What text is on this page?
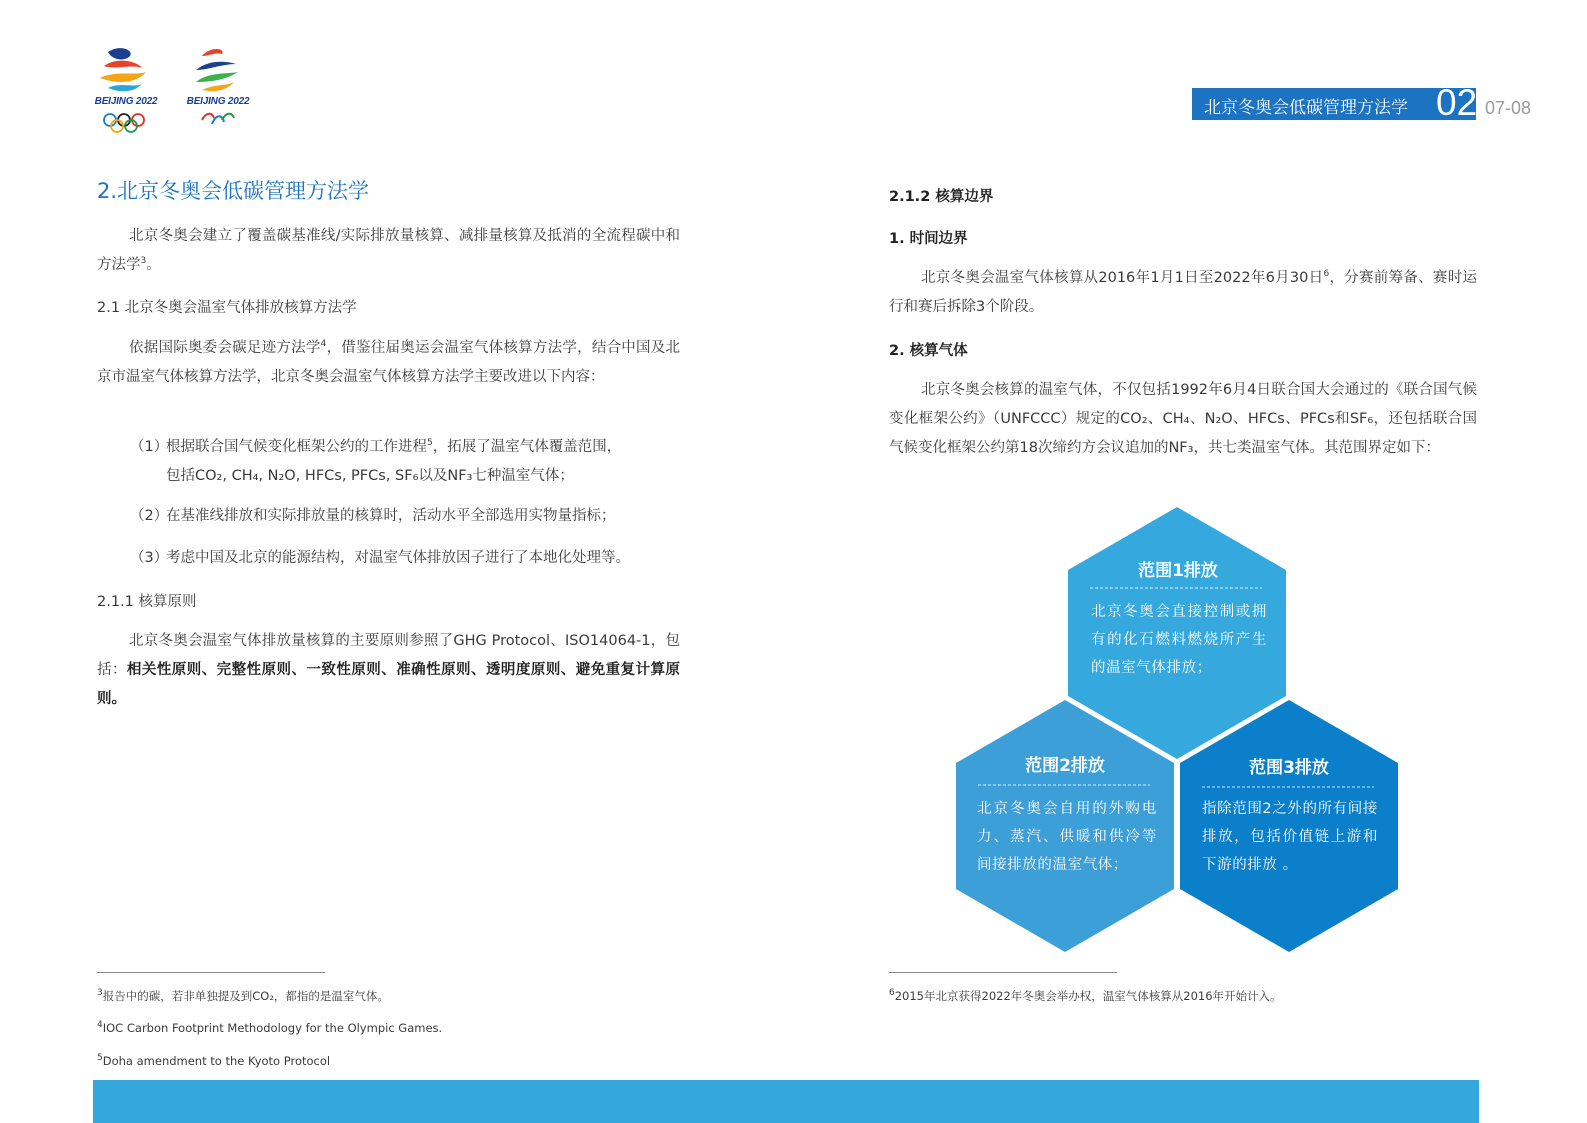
BEIJING 2022	BEIJING 2022	北京冬奥会低碳管理方法学 02 07-08
2.北京冬奥会低碳管理方法学
北京冬奥会建立了覆盖碳基准线/实际排放量核算、减排量核算及抵消的全流程碳中和方法学$^3$。
2.1 北京冬奥会温室气体排放核算方法学
依据国际奥委会碳足迹方法学$^4$，借鉴往届奥运会温室气体核算方法学，结合中国及北京市温室气体核算方法学，北京冬奥会温室气体核算方法学主要改进以下内容：
（1）根据联合国气候变化框架公约的工作进程$^5$，拓展了温室气体覆盖范围，
包括CO₂, CH₄, N₂O, HFCs, PFCs, SF₆以及NF₃七种温室气体；
（2）在基准线排放和实际排放量的核算时，活动水平全部选用实物量指标；
（3）考虑中国及北京的能源结构，对温室气体排放因子进行了本地化处理等。
2.1.1 核算原则
北京冬奥会温室气体排放量核算的主要原则参照了GHG Protocol、ISO14064-1，包括：相关性原则、完整性原则、一致性原则、准确性原则、透明度原则、避免重复计算原则。
2.1.2 核算边界
1. 时间边界
北京冬奥会温室气体核算从2016年1月1日至2022年6月30日$^6$，分赛前筹备、赛时运行和赛后拆除3个阶段。
2. 核算气体
北京冬奥会核算的温室气体，不仅包括1992年6月4日联合国大会通过的《联合国气候变化框架公约》（UNFCCC）规定的CO₂、CH₄、N₂O、HFCs、PFCs和SF₆，还包括联合国气候变化框架公约第18次缔约方会议追加的NF₃，共七类温室气体。其范围界定如下：
范围1排放
北京冬奥会直接控制或拥有的化石燃料燃烧所产生的温室气体排放；
范围2排放
北京冬奥会自用的外购电力、蒸汽、供暖和供冷等间接排放的温室气体；
范围3排放
指除范围2之外的所有间接排放，包括价值链上游和下游的排放 。
$^3$报告中的碳，若非单独提及到CO₂，都指的是温室气体。
$^4$IOC Carbon Footprint Methodology for the Olympic Games.
$^5$Doha amendment to the Kyoto Protocol
$^6$2015年北京获得2022年冬奥会举办权，温室气体核算从2016年开始计入。
